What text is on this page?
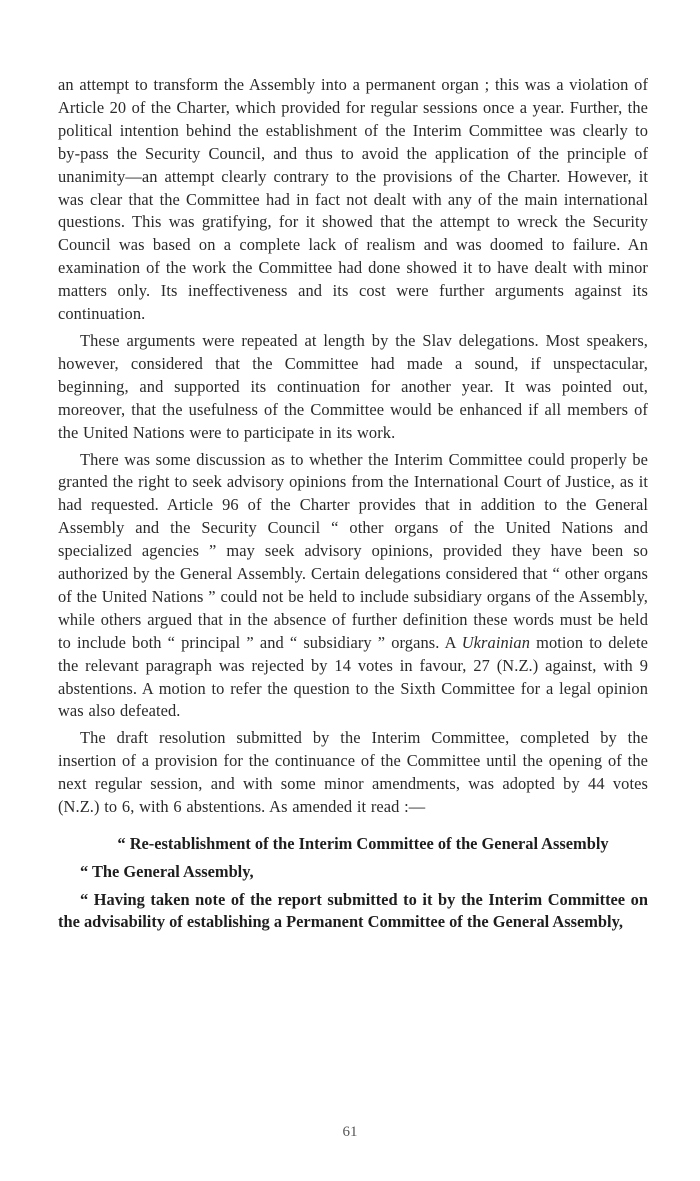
an attempt to transform the Assembly into a permanent organ ; this was a violation of Article 20 of the Charter, which provided for regular sessions once a year. Further, the political intention behind the establishment of the Interim Committee was clearly to by-pass the Security Council, and thus to avoid the application of the principle of unanimity—an attempt clearly contrary to the provisions of the Charter. However, it was clear that the Committee had in fact not dealt with any of the main international questions. This was gratifying, for it showed that the attempt to wreck the Security Council was based on a complete lack of realism and was doomed to failure. An examination of the work the Committee had done showed it to have dealt with minor matters only. Its ineffectiveness and its cost were further arguments against its continuation.

These arguments were repeated at length by the Slav delegations. Most speakers, however, considered that the Committee had made a sound, if unspectacular, beginning, and supported its continuation for another year. It was pointed out, moreover, that the usefulness of the Committee would be enhanced if all members of the United Nations were to participate in its work.

There was some discussion as to whether the Interim Committee could properly be granted the right to seek advisory opinions from the International Court of Justice, as it had requested. Article 96 of the Charter provides that in addition to the General Assembly and the Security Council “ other organs of the United Nations and specialized agencies ” may seek advisory opinions, provided they have been so authorized by the General Assembly. Certain delegations considered that “ other organs of the United Nations ” could not be held to include subsidiary organs of the Assembly, while others argued that in the absence of further definition these words must be held to include both “ principal ” and “ subsidiary ” organs. A Ukrainian motion to delete the relevant paragraph was rejected by 14 votes in favour, 27 (N.Z.) against, with 9 abstentions. A motion to refer the question to the Sixth Committee for a legal opinion was also defeated.

The draft resolution submitted by the Interim Committee, completed by the insertion of a provision for the continuance of the Committee until the opening of the next regular session, and with some minor amendments, was adopted by 44 votes (N.Z.) to 6, with 6 abstentions. As amended it read :—

“ Re-establishment of the Interim Committee of the General Assembly

“ The General Assembly,

“ Having taken note of the report submitted to it by the Interim Committee on the advisability of establishing a Permanent Committee of the General Assembly,

61
